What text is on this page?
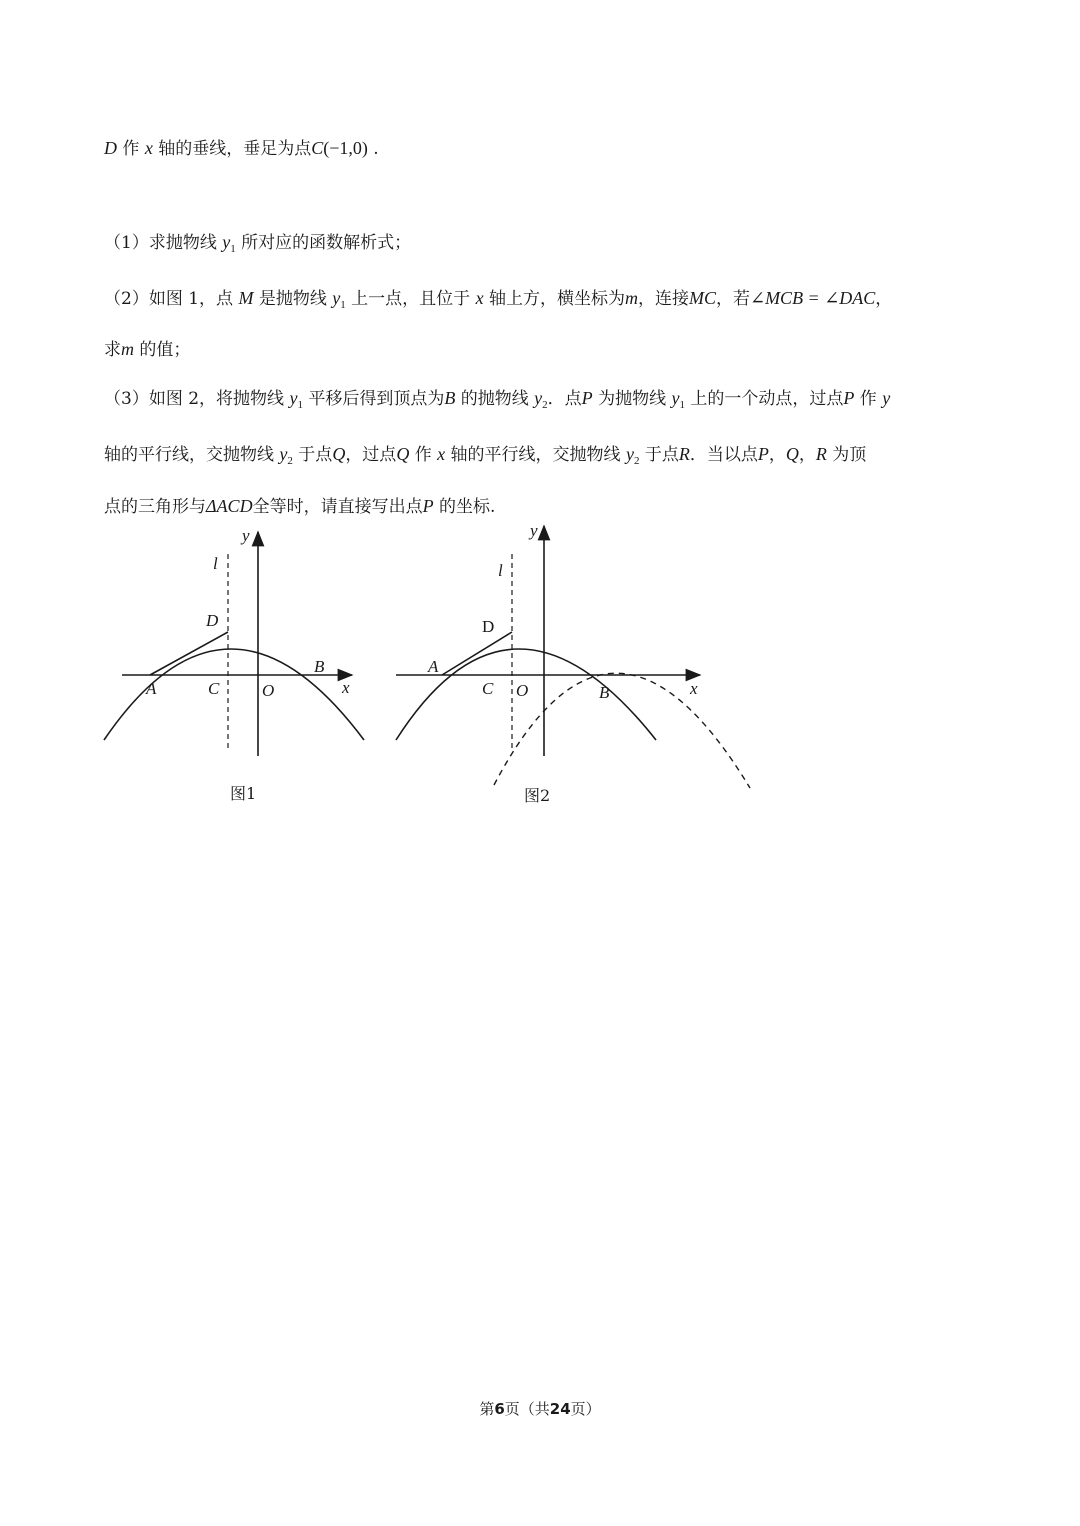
D 作 x 轴的垂线，垂足为点C(−1,0) .
（1）求抛物线 $y_1$ 所对应的函数解析式；
（2）如图 1，点 M 是抛物线 $y_1$ 上一点，且位于 x 轴上方，横坐标为m，连接MC，若∠MCB = ∠DAC，
求m 的值；
（3）如图 2，将抛物线 $y_1$ 平移后得到顶点为B 的抛物线 $y_2$．点P 为抛物线 $y_1$ 上的一个动点，过点P 作 y
轴的平行线，交抛物线 $y_2$ 于点Q，过点Q 作 x 轴的平行线，交抛物线 $y_2$ 于点R．当以点P，Q，R 为顶
点的三角形与ΔACD全等时，请直接写出点P 的坐标.
y
l
D
A	C	O
B
x
图1
y
l
D
A
C O	B	x
图2
第6页（共24页）
